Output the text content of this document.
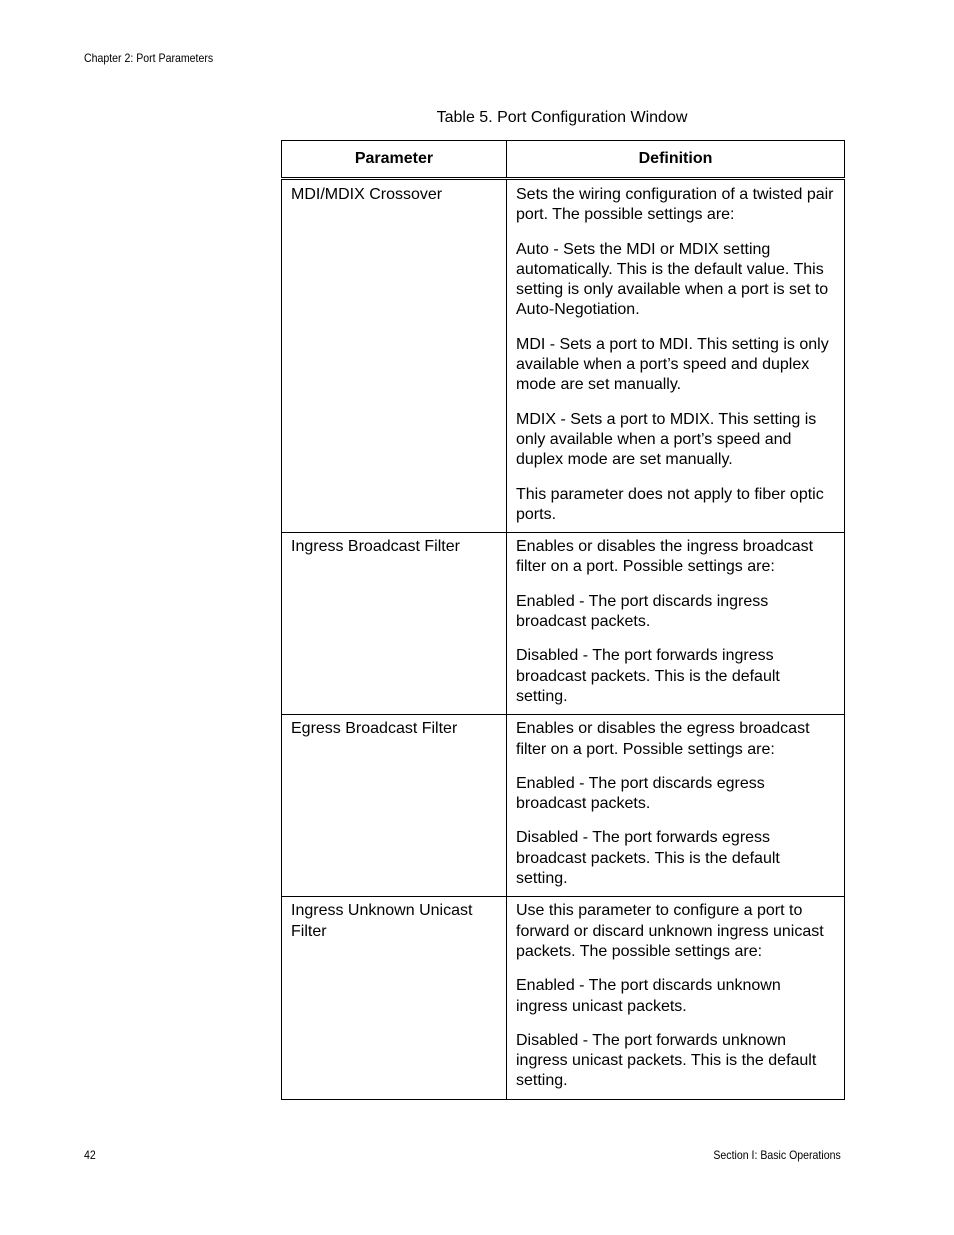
Chapter 2: Port Parameters
Table 5. Port Configuration Window
Parameter	Definition
MDI/MDIX Crossover	Sets the wiring configuration of a twisted pair port. The possible settings are:

Auto - Sets the MDI or MDIX setting automatically. This is the default value. This setting is only available when a port is set to Auto-Negotiation.

MDI - Sets a port to MDI. This setting is only available when a port’s speed and duplex mode are set manually.

MDIX - Sets a port to MDIX. This setting is only available when a port’s speed and duplex mode are set manually.

This parameter does not apply to fiber optic ports.

Ingress Broadcast Filter	Enables or disables the ingress broadcast filter on a port. Possible settings are:

Enabled - The port discards ingress broadcast packets.

Disabled - The port forwards ingress broadcast packets. This is the default setting.

Egress Broadcast Filter	Enables or disables the egress broadcast filter on a port. Possible settings are:

Enabled - The port discards egress broadcast packets.

Disabled - The port forwards egress broadcast packets. This is the default setting.

Ingress Unknown Unicast Filter	Use this parameter to configure a port to forward or discard unknown ingress unicast packets. The possible settings are:

Enabled - The port discards unknown ingress unicast packets.

Disabled - The port forwards unknown ingress unicast packets. This is the default setting.

42	Section I: Basic Operations
